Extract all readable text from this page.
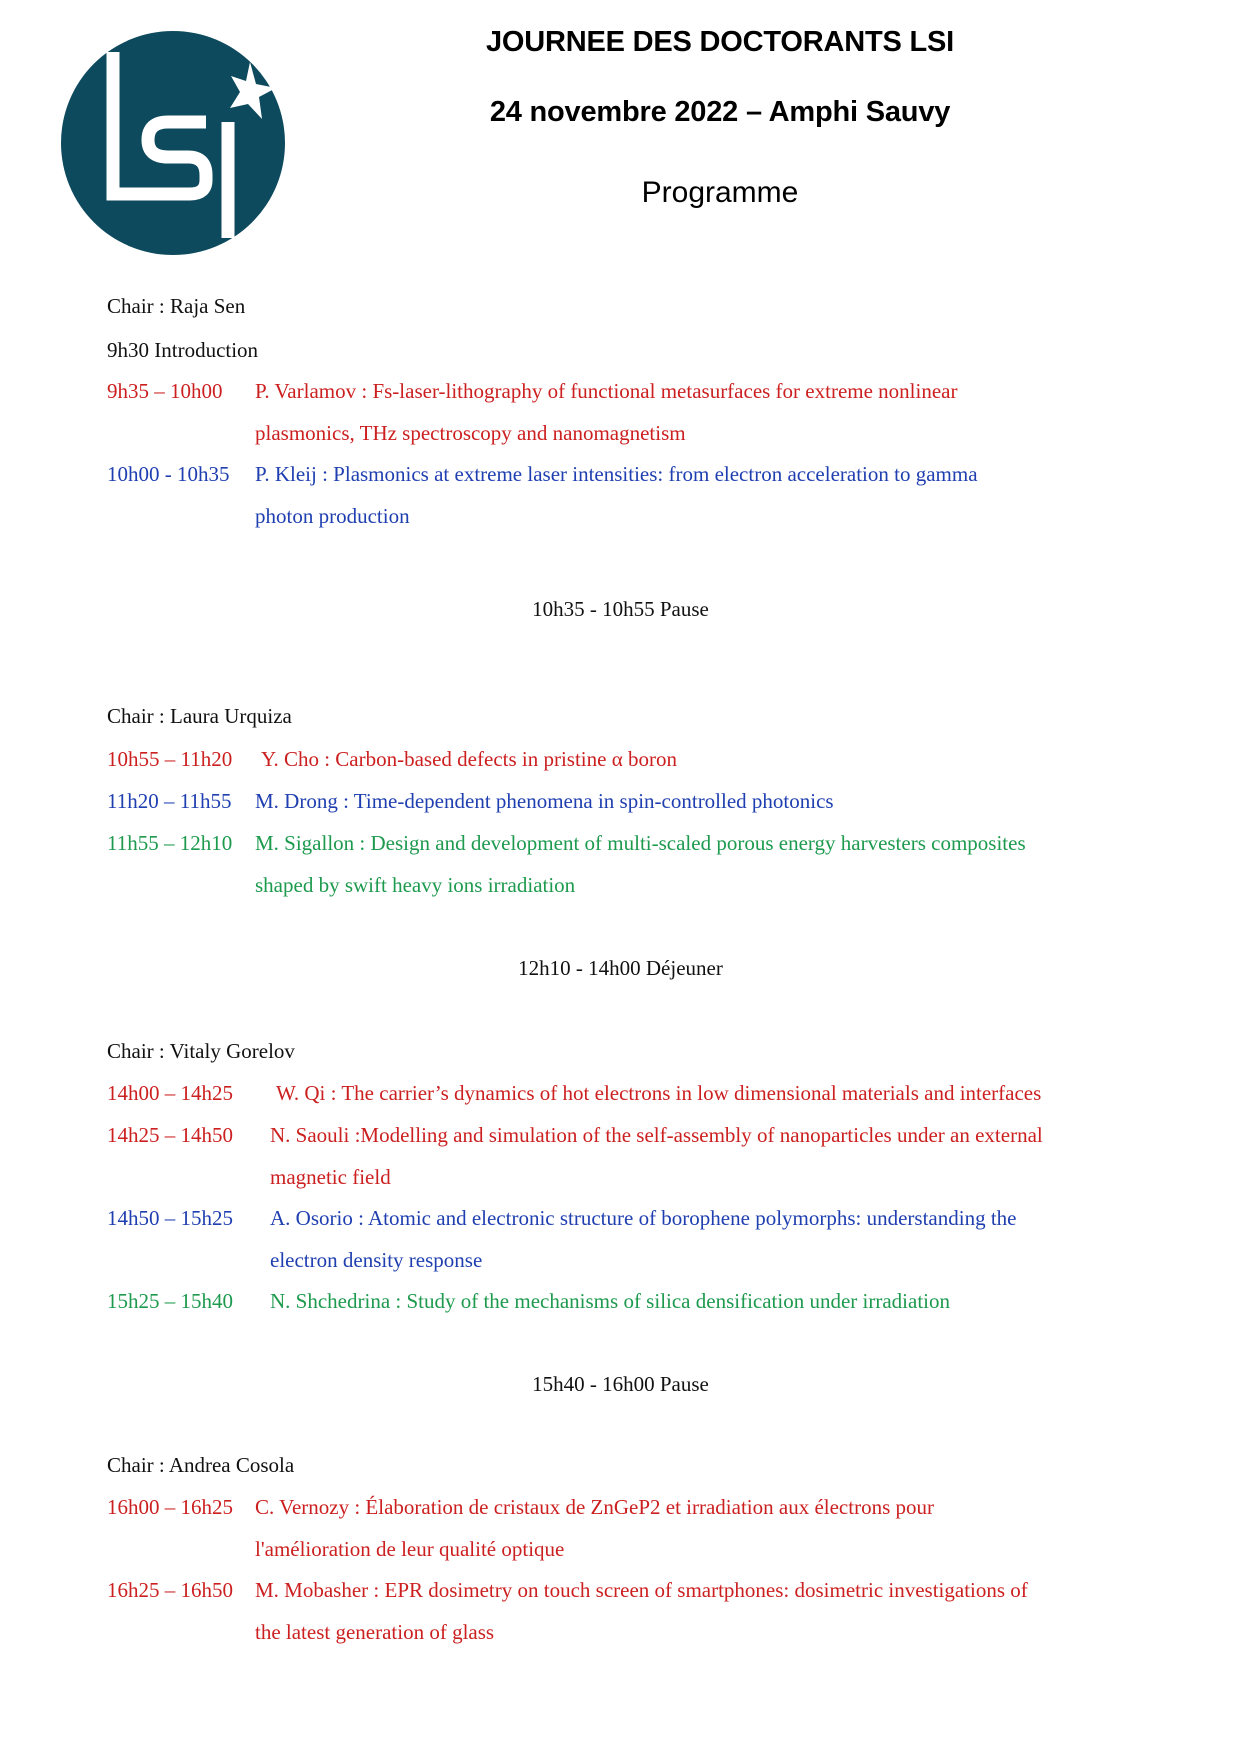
JOURNEE DES DOCTORANTS LSI
24 novembre 2022 – Amphi Sauvy
Programme
Chair : Raja Sen
9h30 Introduction
9h35 – 10h00 P. Varlamov : Fs-laser-lithography of functional metasurfaces for extreme nonlinear
plasmonics, THz spectroscopy and nanomagnetism
10h00 - 10h35 P. Kleij : Plasmonics at extreme laser intensities: from electron acceleration to gamma
photon production
10h35 - 10h55 Pause
Chair : Laura Urquiza
10h55 – 11h20 Y. Cho : Carbon-based defects in pristine α boron
11h20 – 11h55 M. Drong : Time-dependent phenomena in spin-controlled photonics
11h55 – 12h10 M. Sigallon : Design and development of multi-scaled porous energy harvesters composites
shaped by swift heavy ions irradiation
12h10 - 14h00 Déjeuner
Chair : Vitaly Gorelov
14h00 – 14h25 W. Qi : The carrier’s dynamics of hot electrons in low dimensional materials and interfaces
14h25 – 14h50 N. Saouli :Modelling and simulation of the self-assembly of nanoparticles under an external
magnetic field
14h50 – 15h25 A. Osorio : Atomic and electronic structure of borophene polymorphs: understanding the
electron density response
15h25 – 15h40 N. Shchedrina : Study of the mechanisms of silica densification under irradiation
15h40 - 16h00 Pause
Chair : Andrea Cosola
16h00 – 16h25 C. Vernozy : Élaboration de cristaux de ZnGeP2 et irradiation aux électrons pour
l'amélioration de leur qualité optique
16h25 – 16h50 M. Mobasher : EPR dosimetry on touch screen of smartphones: dosimetric investigations of
the latest generation of glass
